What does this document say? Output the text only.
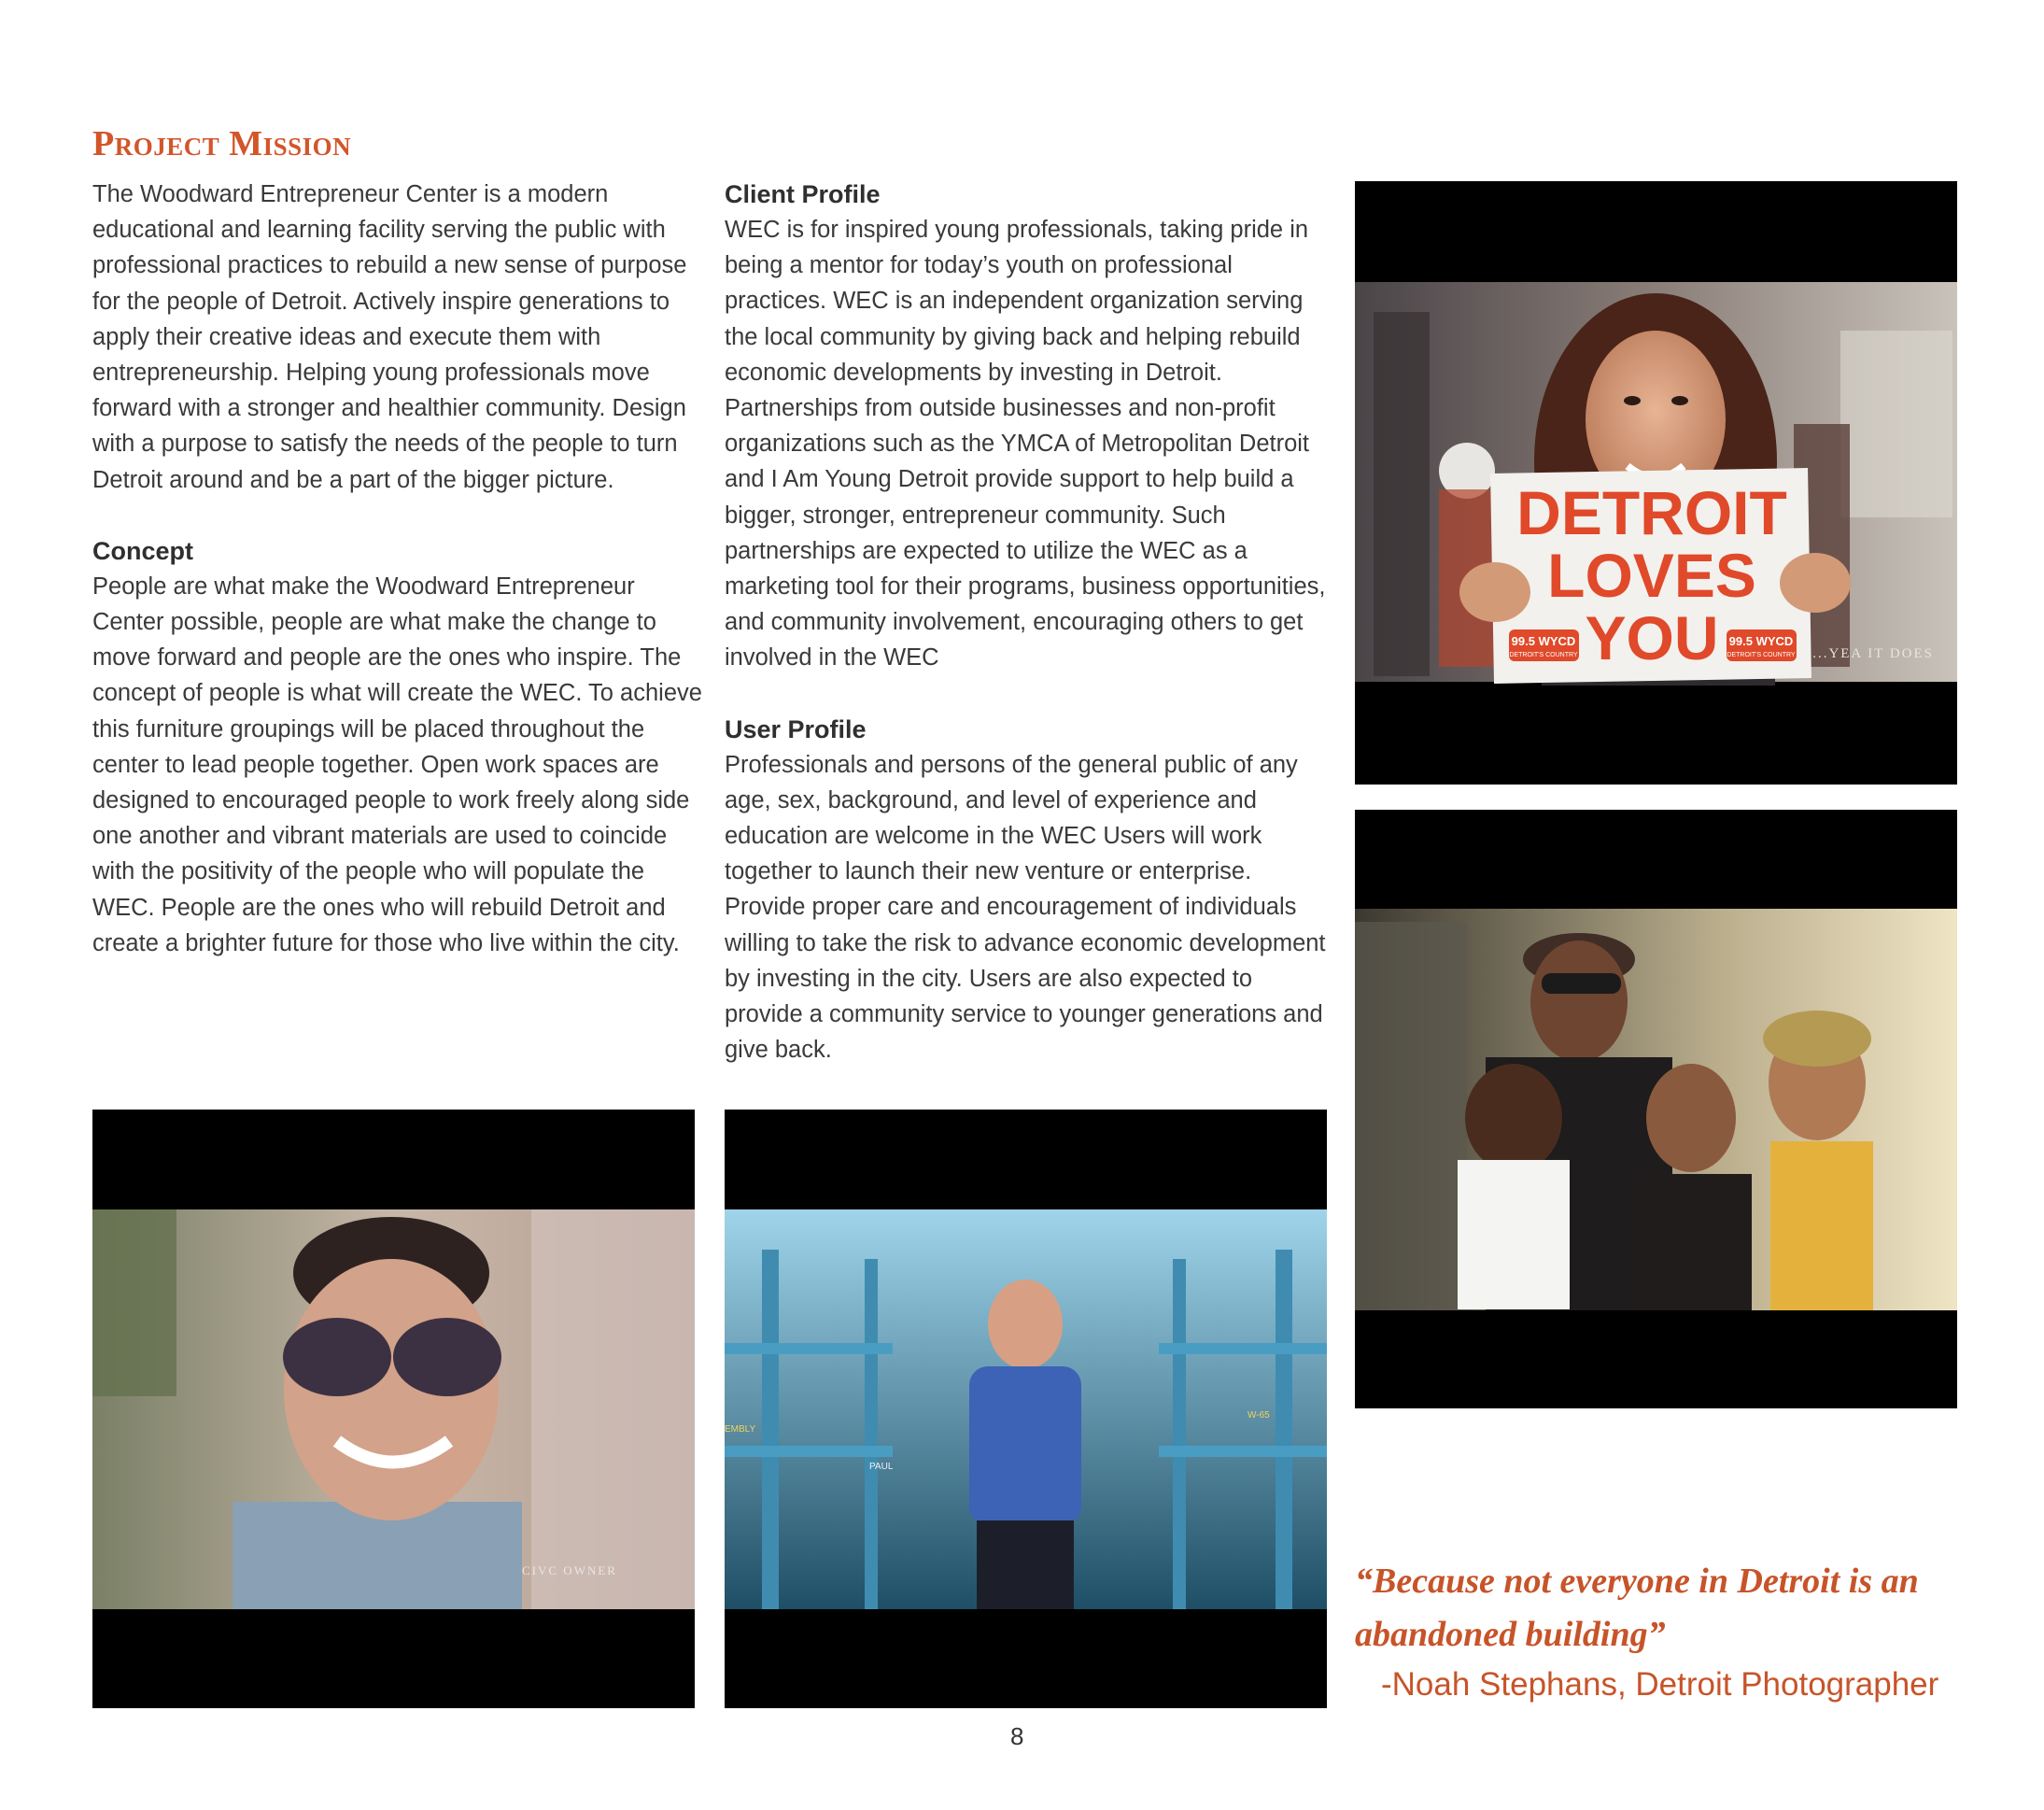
Project Mission

The Woodward Entrepreneur Center is a modern educational and learning facility serving the public with professional practices to rebuild a new sense of purpose for the people of Detroit. Actively inspire generations to apply their creative ideas and execute them with entrepreneurship. Helping young professionals move forward with a stronger and healthier community. Design with a purpose to satisfy the needs of the people to turn Detroit around and be a part of the bigger picture.

Concept

People are what make the Woodward Entrepreneur Center possible, people are what make the change to move forward and people are the ones who inspire. The concept of people is what will create the WEC. To achieve this furniture groupings will be placed throughout the center to lead people together. Open work spaces are designed to encouraged people to work freely along side one another and vibrant materials are used to coincide with the positivity of the people who will populate the WEC. People are the ones who will rebuild Detroit and create a brighter future for those who live within the city.

Client Profile

WEC is for inspired young professionals, taking pride in being a mentor for today’s youth on professional practices. WEC is an independent organization serving the local community by giving back and helping rebuild economic developments by investing in Detroit. Partnerships from outside businesses and non-profit organizations such as the YMCA of Metropolitan Detroit and I Am Young Detroit provide support to help build a bigger, stronger, entrepreneur community. Such partnerships are expected to utilize the WEC as a marketing tool for their programs, business opportunities, and community involvement, encouraging others to get involved in the WEC

User Profile

Professionals and persons of the general public of any age, sex, background, and level of experience and education are welcome in the WEC Users will work together to launch their new venture or enterprise. Provide proper care and encouragement of individuals willing to take the risk to advance economic development by investing in the city. Users are also expected to provide a community service to younger generations and give back.

DETROIT
LOVES
YOU
99.5 WYCD
DETROIT'S COUNTRY
99.5 WYCD
DETROIT'S COUNTRY ...YEA IT DOES
CIVC OWNER
EMBLY
W-65
PAUL
“Because not everyone in Detroit is an abandoned building”
-Noah Stephans, Detroit Photographer
8
